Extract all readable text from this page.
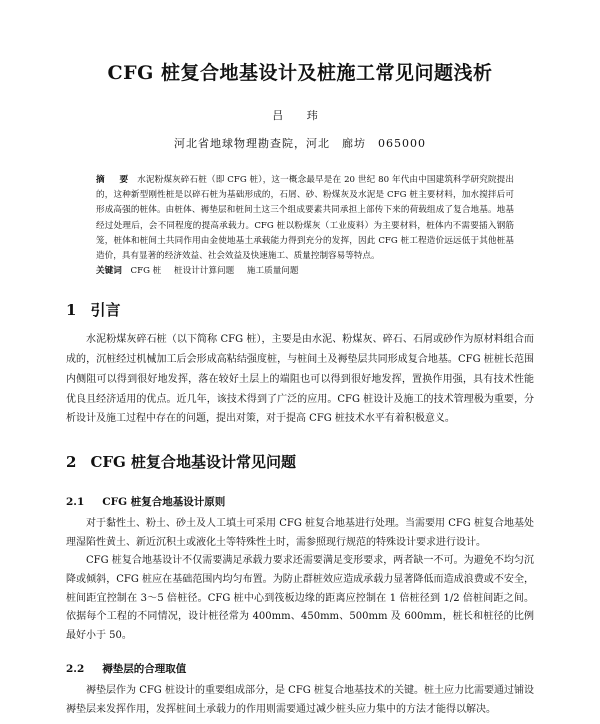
CFG 桩复合地基设计及桩施工常见问题浅析
吕 玮
河北省地球物理勘查院，河北　廊坊　065000
摘　要 水泥粉煤灰碎石桩（即 CFG 桩），这一概念最早是在 20 世纪 80 年代由中国建筑科学研究院提出的，这种新型刚性桩是以碎石桩为基础形成的，石屑、砂、粉煤灰及水泥是 CFG 桩主要材料，加水搅拌后可形成高强的桩体。由桩体、褥垫层和桩间土这三个组成要素共同承担上部传下来的荷载组成了复合地基。地基经过处理后，会不同程度的提高承载力。CFG 桩以粉煤灰（工业废料）为主要材料，桩体内不需要插入钢筋笼，桩体和桩间土共同作用由金使地基土承载能力得到充分的发挥，因此 CFG 桩工程造价远远低于其他桩基造价，具有显著的经济效益、社会效益及快速施工、质量控制容易等特点。
关键词 CFG 桩 桩设计计算问题 施工质量问题
1 引言

水泥粉煤灰碎石桩（以下简称 CFG 桩），主要是由水泥、粉煤灰、碎石、石屑或砂作为原材料组合而成的，沉桩经过机械加工后会形成高粘结强度桩，与桩间土及褥垫层共同形成复合地基。CFG 桩桩长范围内侧阻可以得到很好地发挥，落在较好土层上的端阻也可以得到很好地发挥，置换作用强，具有技术性能优良且经济适用的优点。近几年，该技术得到了广泛的应用。CFG 桩设计及施工的技术管理极为重要，分析设计及施工过程中存在的问题，提出对策，对于提高 CFG 桩技术水平有着积极意义。

2 CFG 桩复合地基设计常见问题
2.1 CFG 桩复合地基设计原则

对于黏性土、粉土、砂土及人工填土可采用 CFG 桩复合地基进行处理。当需要用 CFG 桩复合地基处理湿陷性黄土、新近沉积土或液化土等特殊性土时，需参照现行规范的特殊设计要求进行设计。

CFG 桩复合地基设计不仅需要满足承载力要求还需要满足变形要求，两者缺一不可。为避免不均匀沉降或倾斜，CFG 桩应在基础范围内均匀布置。为防止群桩效应造成承载力显著降低而造成浪费或不安全，桩间距宜控制在 3～5 倍桩径。CFG 桩中心到筏板边缘的距离应控制在 1 倍桩径到 1/2 倍桩间距之间。依据每个工程的不同情况，设计桩径常为 400mm、450mm、500mm 及 600mm，桩长和桩径的比例最好小于 50。

2.2 褥垫层的合理取值

褥垫层作为 CFG 桩设计的重要组成部分，是 CFG 桩复合地基技术的关键。桩土应力比需要通过铺设褥垫层来发挥作用，发挥桩间土承载力的作用则需要通过减少桩头应力集中的方法才能得以解决。
